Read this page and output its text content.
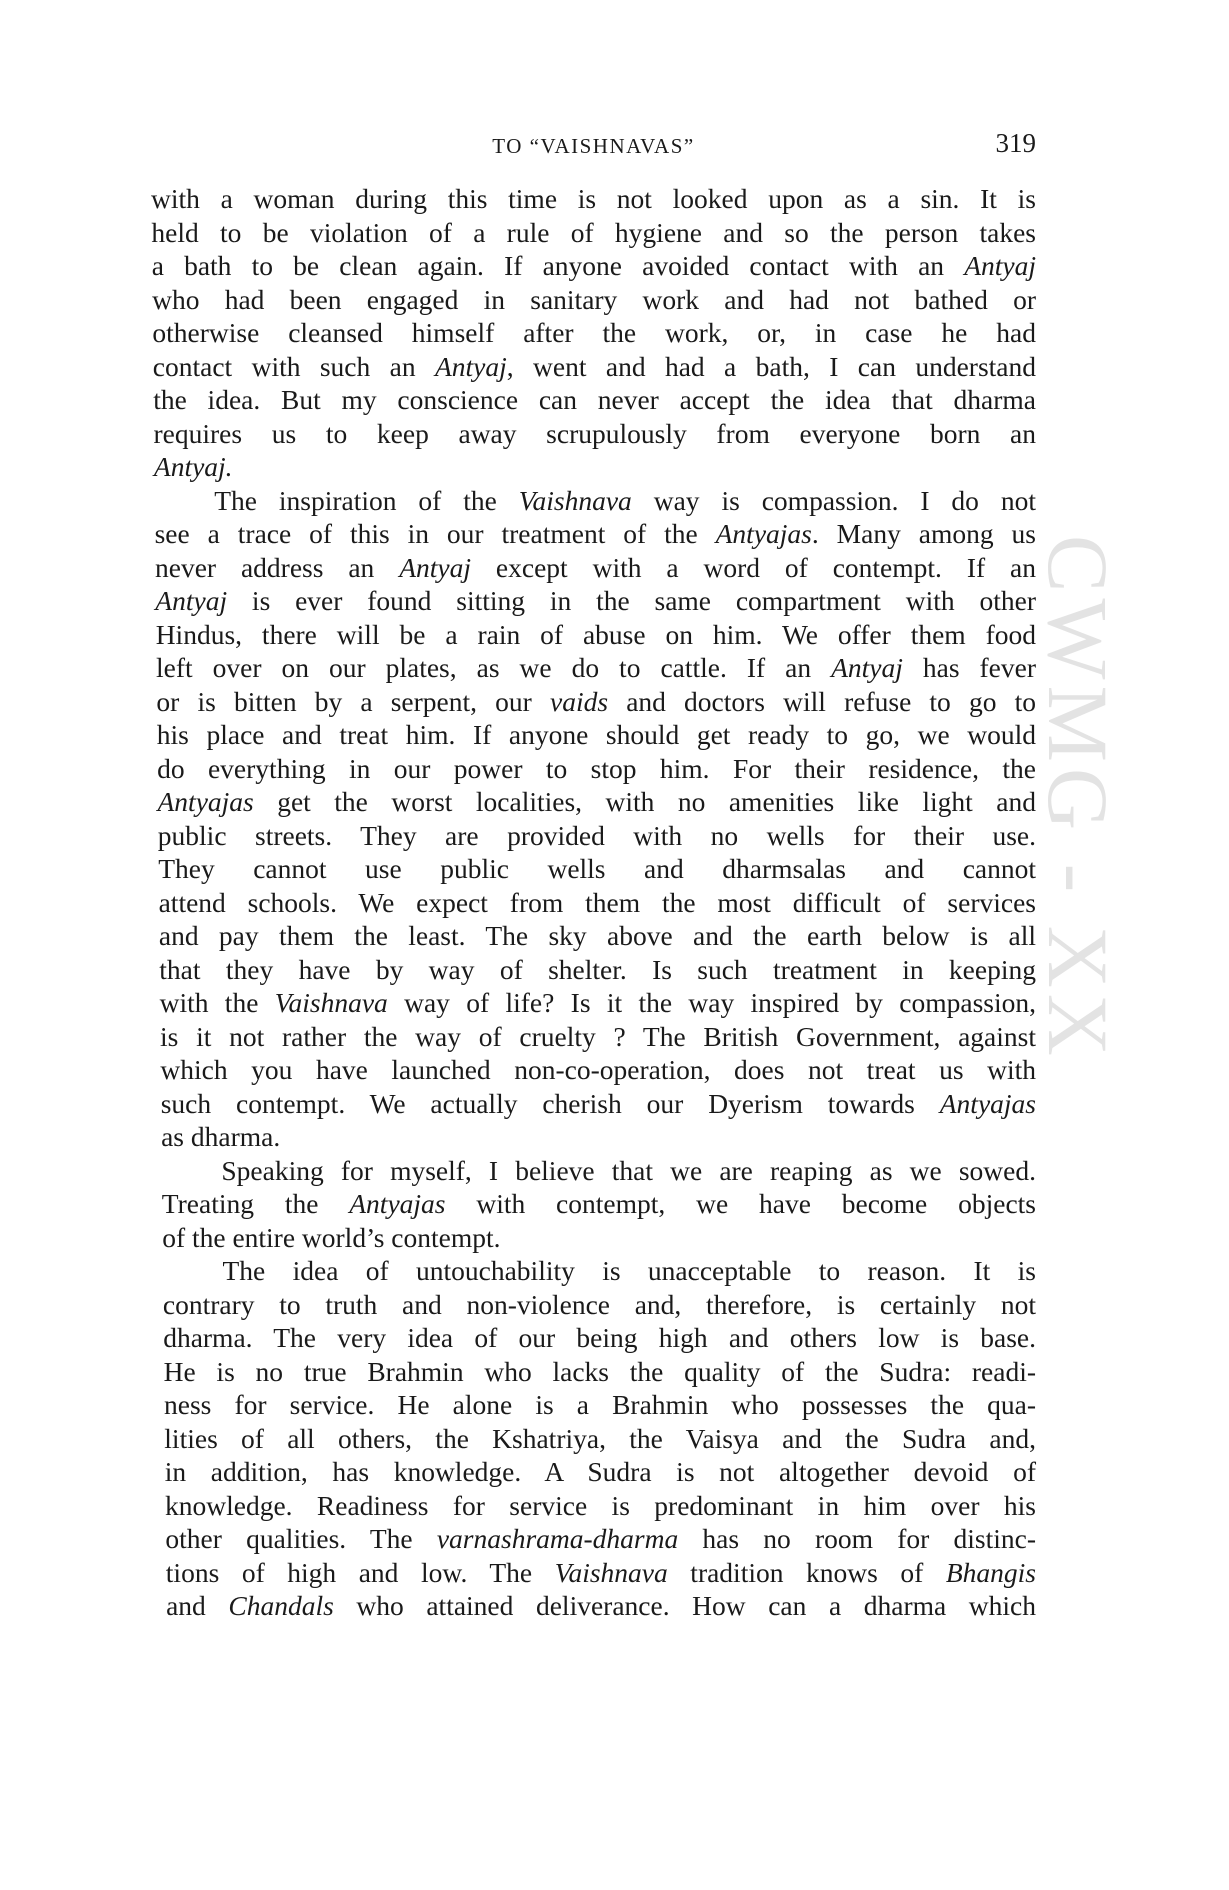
CWMG - XX
TO “VAISHNAVAS”	319
with a woman during this time is not looked upon as a sin. It is
held to be violation of a rule of hygiene and so the person takes
a bath to be clean again. If anyone avoided contact with an Antyaj
who had been engaged in sanitary work and had not bathed or
otherwise cleansed himself after the work, or, in case he had
contact with such an Antyaj, went and had a bath, I can understand
the idea. But my conscience can never accept the idea that dharma
requires us to keep away scrupulously from everyone born an
Antyaj.
The inspiration of the Vaishnava way is compassion. I do not
see a trace of this in our treatment of the Antyajas. Many among us
never address an Antyaj except with a word of contempt. If an
Antyaj is ever found sitting in the same compartment with other
Hindus, there will be a rain of abuse on him. We offer them food
left over on our plates, as we do to cattle. If an Antyaj has fever
or is bitten by a serpent, our vaids and doctors will refuse to go to
his place and treat him. If anyone should get ready to go, we would
do everything in our power to stop him. For their residence, the
Antyajas get the worst localities, with no amenities like light and
public streets. They are provided with no wells for their use.
They cannot use public wells and dharmsalas and cannot
attend schools. We expect from them the most difficult of services
and pay them the least. The sky above and the earth below is all
that they have by way of shelter. Is such treatment in keeping
with the Vaishnava way of life? Is it the way inspired by compassion,
is it not rather the way of cruelty ? The British Government, against
which you have launched non-co-operation, does not treat us with
such contempt. We actually cherish our Dyerism towards Antyajas
as dharma.
Speaking for myself, I believe that we are reaping as we sowed.
Treating the Antyajas with contempt, we have become objects
of the entire world’s contempt.
The idea of untouchability is unacceptable to reason. It is
contrary to truth and non-violence and, therefore, is certainly not
dharma. The very idea of our being high and others low is base.
He is no true Brahmin who lacks the quality of the Sudra: readi-
ness for service. He alone is a Brahmin who possesses the qua-
lities of all others, the Kshatriya, the Vaisya and the Sudra and,
in addition, has knowledge. A Sudra is not altogether devoid of
knowledge. Readiness for service is predominant in him over his
other qualities. The varnashrama-dharma has no room for distinc-
tions of high and low. The Vaishnava tradition knows of Bhangis
and Chandals who attained deliverance. How can a dharma which
